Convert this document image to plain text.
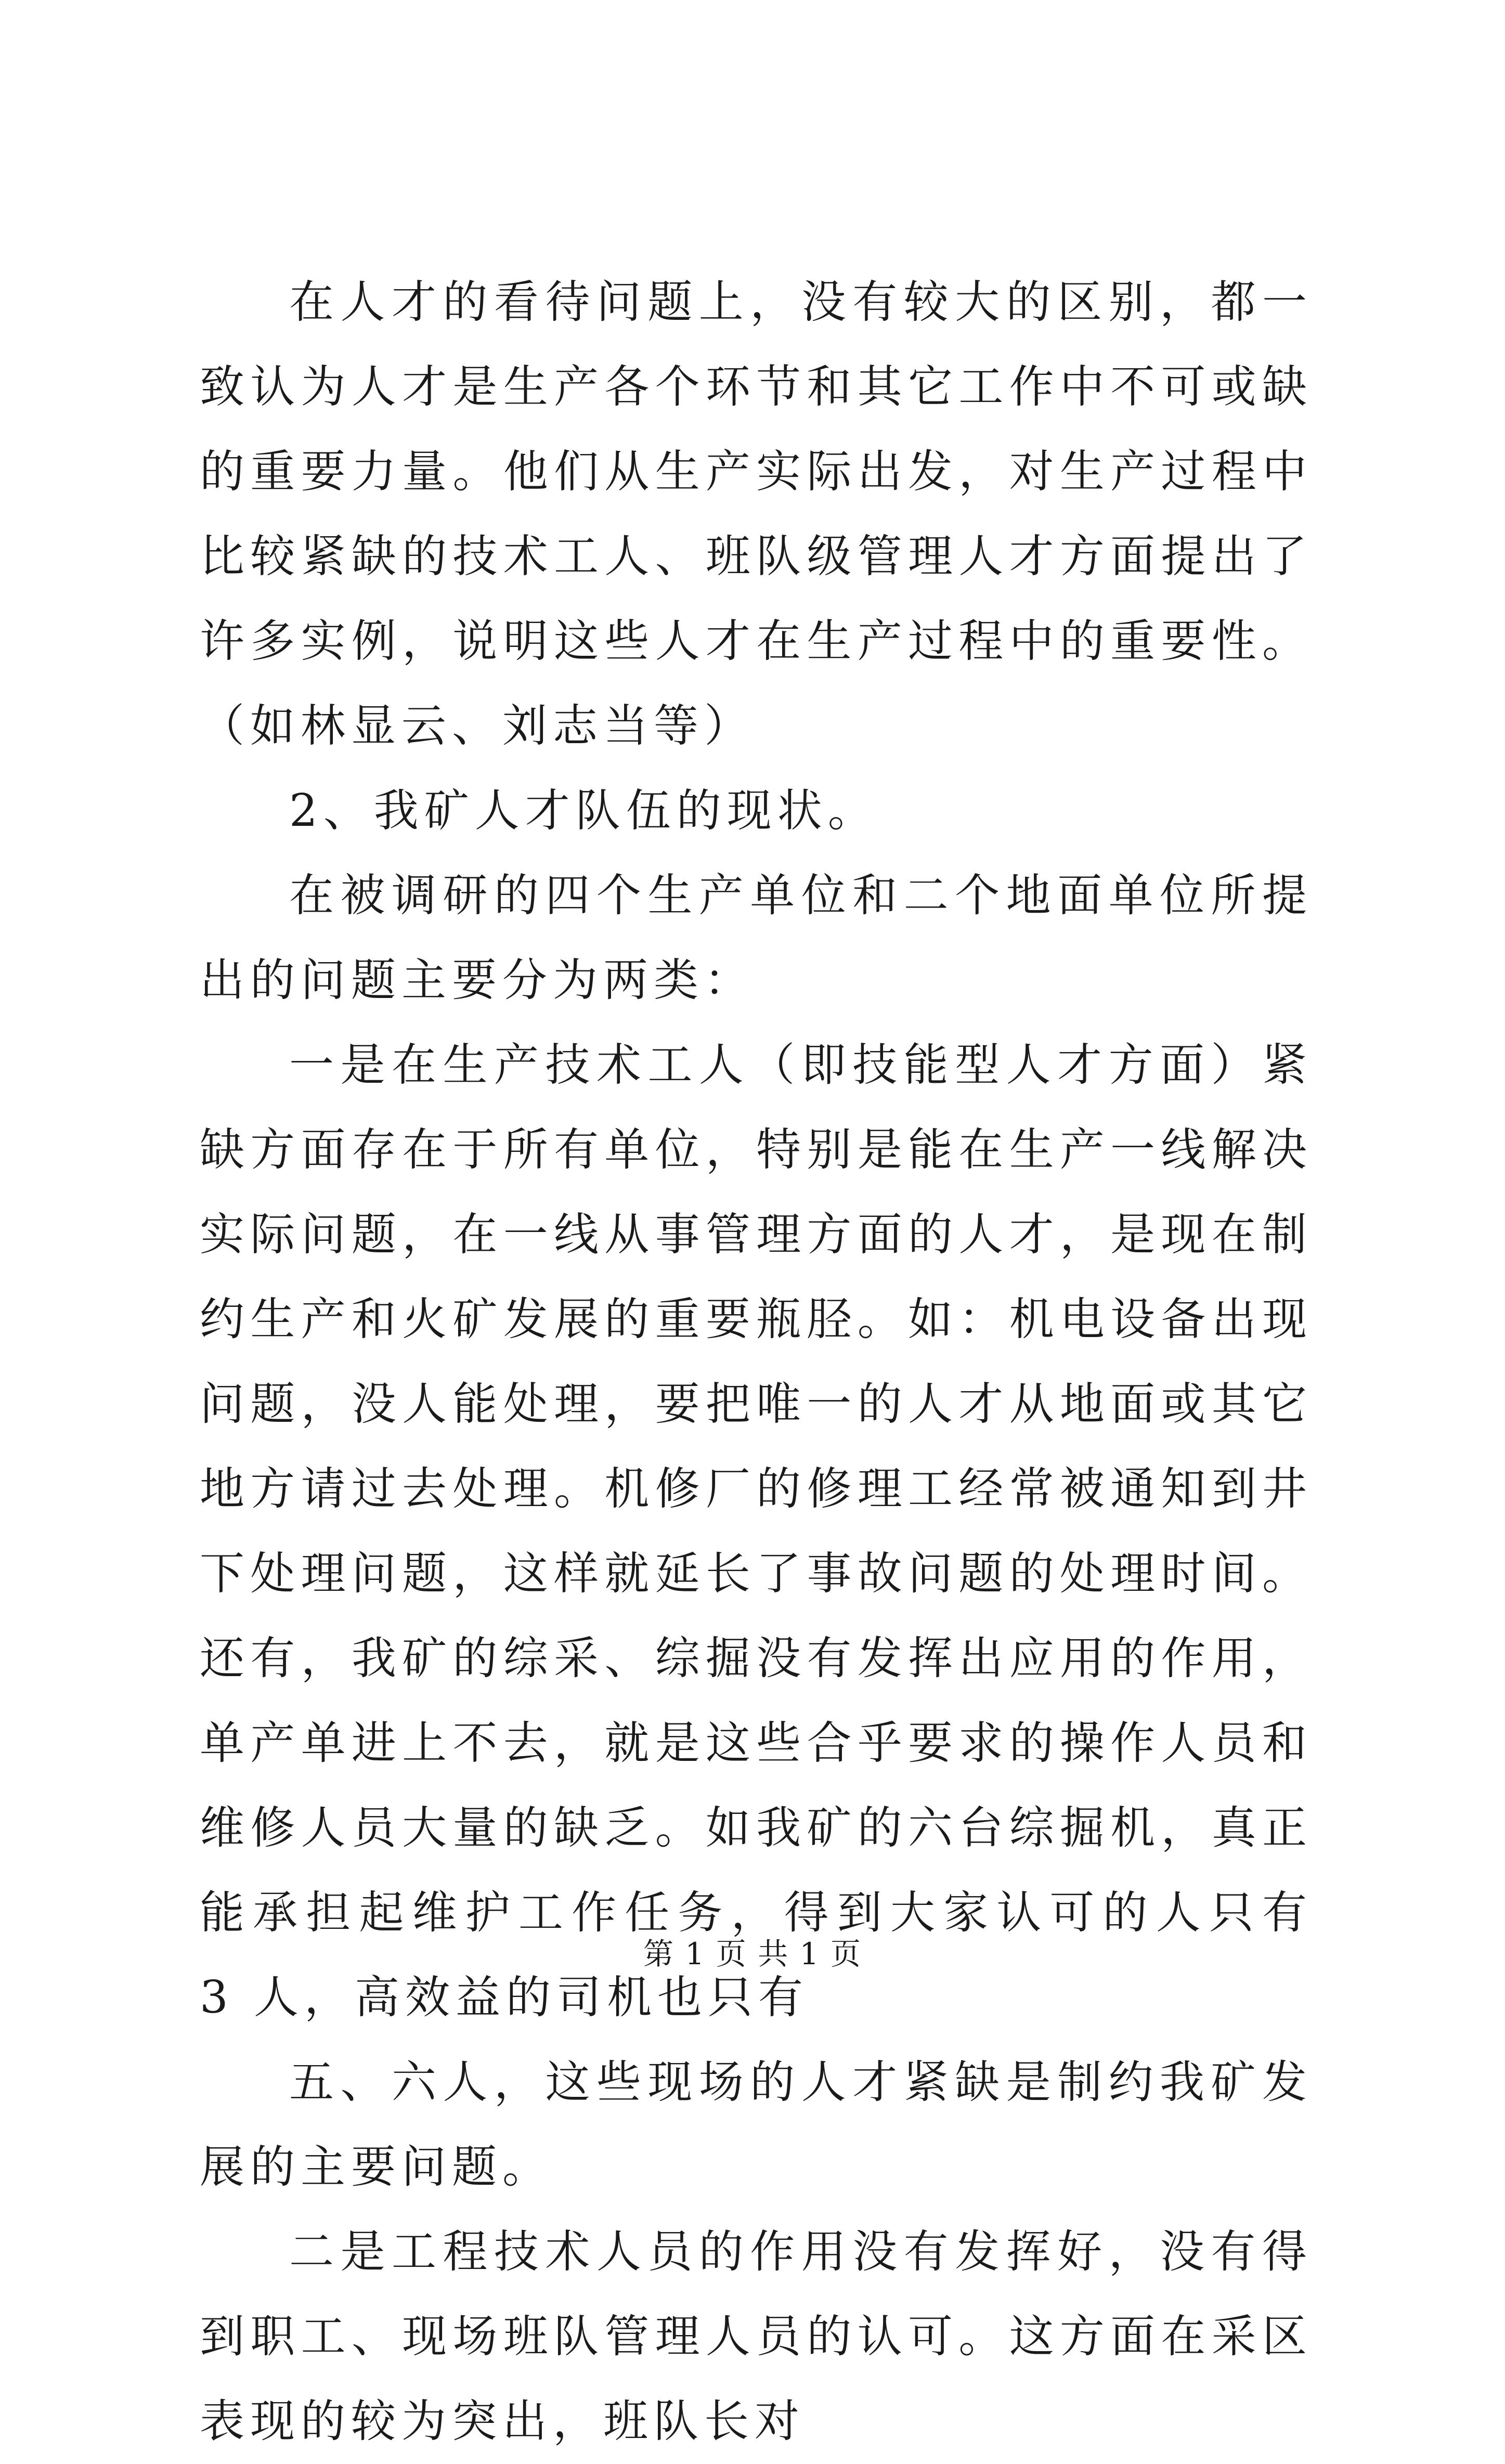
在人才的看待问题上，没有较大的区别，都一致认为人才是生产各个环节和其它工作中不可或缺的重要力量。他们从生产实际出发，对生产过程中比较紧缺的技术工人、班队级管理人才方面提出了许多实例，说明这些人才在生产过程中的重要性。（如林显云、刘志当等）

2、我矿人才队伍的现状。

在被调研的四个生产单位和二个地面单位所提出的问题主要分为两类：

一是在生产技术工人（即技能型人才方面）紧缺方面存在于所有单位，特别是能在生产一线解决实际问题，在一线从事管理方面的人才，是现在制约生产和火矿发展的重要瓶胫。如：机电设备出现问题，没人能处理，要把唯一的人才从地面或其它地方请过去处理。机修厂的修理工经常被通知到井下处理问题，这样就延长了事故问题的处理时间。还有，我矿的综采、综掘没有发挥出应用的作用，单产单进上不去，就是这些合乎要求的操作人员和维修人员大量的缺乏。如我矿的六台综掘机，真正能承担起维护工作任务，得到大家认可的人只有 3 人，高效益的司机也只有

五、六人，这些现场的人才紧缺是制约我矿发展的主要问题。

二是工程技术人员的作用没有发挥好，没有得到职工、现场班队管理人员的认可。这方面在采区表现的较为突出，班队长对

第 1 页 共 1 页
